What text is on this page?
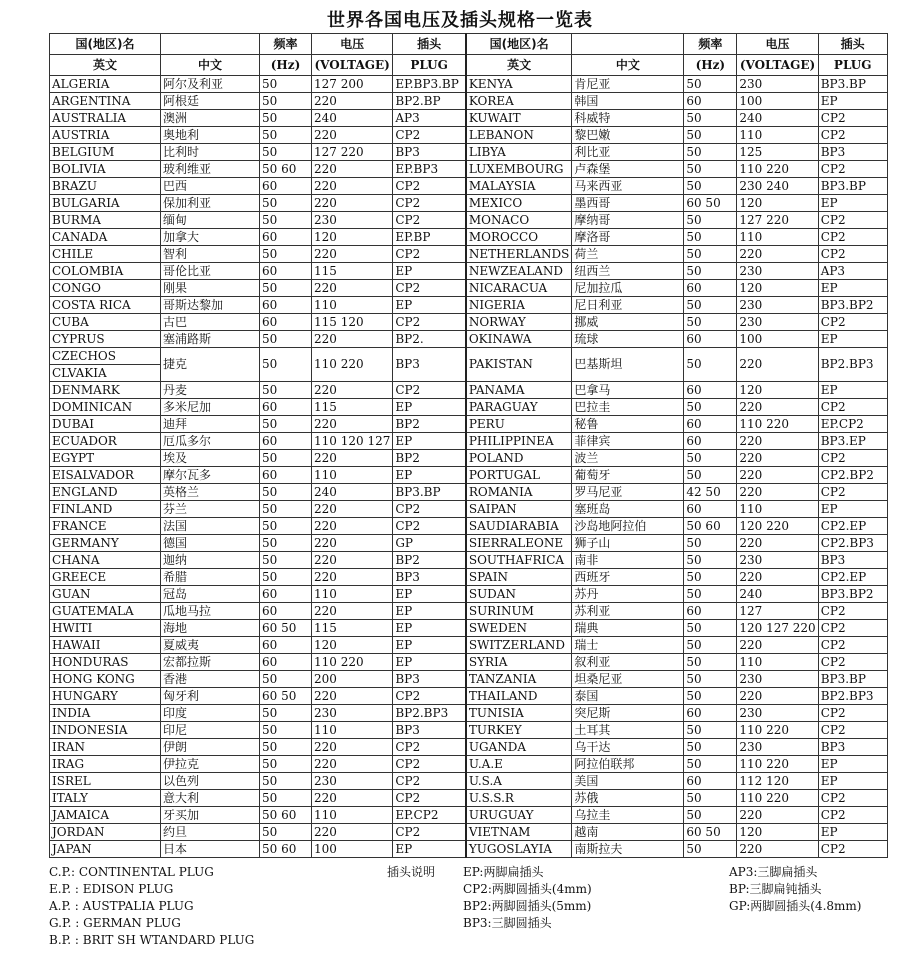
世界各国电压及插头规格一览表
国(地区)名		频率	电压	插头	国(地区)名		频率	电压	插头
英文	中文	(Hz)	(VOLTAGE)	PLUG	英文	中文	(Hz)	(VOLTAGE)	PLUG
ALGERIA	阿尔及利亚	50	127 200	EP.BP3.BP	KENYA	肯尼亚	50	230	BP3.BP
ARGENTINA	阿根廷	50	220	BP2.BP	KOREA	韩国	60	100	EP
AUSTRALIA	澳洲	50	240	AP3	KUWAIT	科威特	50	240	CP2
AUSTRIA	奥地利	50	220	CP2	LEBANON	黎巴嫩	50	110	CP2
BELGIUM	比利时	50	127 220	BP3	LIBYA	利比亚	50	125	BP3
BOLIVIA	玻利维亚	50 60	220	EP.BP3	LUXEMBOURG	卢森堡	50	110 220	CP2
BRAZU	巴西	60	220	CP2	MALAYSIA	马来西亚	50	230 240	BP3.BP
BULGARIA	保加利亚	50	220	CP2	MEXICO	墨西哥	60 50	120	EP
BURMA	缅甸	50	230	CP2	MONACO	摩纳哥	50	127 220	CP2
CANADA	加拿大	60	120	EP.BP	MOROCCO	摩洛哥	50	110	CP2
CHILE	智利	50	220	CP2	NETHERLANDS	荷兰	50	220	CP2
COLOMBIA	哥伦比亚	60	115	EP	NEWZEALAND	纽西兰	50	230	AP3
CONGO	刚果	50	220	CP2	NICARACUA	尼加拉瓜	60	120	EP
COSTA RICA	哥斯达黎加	60	110	EP	NIGERIA	尼日利亚	50	230	BP3.BP2
CUBA	古巴	60	115 120	CP2	NORWAY	挪威	50	230	CP2
CYPRUS	塞浦路斯	50	220	BP2.	OKINAWA	琉球	60	100	EP
CZECHOS	捷克	50	110 220	BP3	PAKISTAN	巴基斯坦	50	220	BP2.BP3
CLVAKIA									
DENMARK	丹麦	50	220	CP2	PANAMA	巴拿马	60	120	EP
DOMINICAN	多米尼加	60	115	EP	PARAGUAY	巴拉圭	50	220	CP2
DUBAI	迪拜	50	220	BP2	PERU	秘鲁	60	110 220	EP.CP2
ECUADOR	厄瓜多尔	60	110 120 127	EP	PHILIPPINEA	菲律宾	60	220	BP3.EP
EGYPT	埃及	50	220	BP2	POLAND	波兰	50	220	CP2
EISALVADOR	摩尔瓦多	60	110	EP	PORTUGAL	葡萄牙	50	220	CP2.BP2
ENGLAND	英格兰	50	240	BP3.BP	ROMANIA	罗马尼亚	42 50	220	CP2
FINLAND	芬兰	50	220	CP2	SAIPAN	塞班岛	60	110	EP
FRANCE	法国	50	220	CP2	SAUDIARABIA	沙岛地阿拉伯	50 60	120 220	CP2.EP
GERMANY	德国	50	220	GP	SIERRALEONE	狮子山	50	220	CP2.BP3
CHANA	迦纳	50	220	BP2	SOUTHAFRICA	南非	50	230	BP3
GREECE	希腊	50	220	BP3	SPAIN	西班牙	50	220	CP2.EP
GUAN	冠岛	60	110	EP	SUDAN	苏丹	50	240	BP3.BP2
GUATEMALA	瓜地马拉	60	220	EP	SURINUM	苏利亚	60	127	CP2
HWITI	海地	60 50	115	EP	SWEDEN	瑞典	50	120 127 220	CP2
HAWAII	夏威夷	60	120	EP	SWITZERLAND	瑞士	50	220	CP2
HONDURAS	宏都拉斯	60	110 220	EP	SYRIA	叙利亚	50	110	CP2
HONG KONG	香港	50	200	BP3	TANZANIA	坦桑尼亚	50	230	BP3.BP
HUNGARY	匈牙利	60 50	220	CP2	THAILAND	泰国	50	220	BP2.BP3
INDIA	印度	50	230	BP2.BP3	TUNISIA	突尼斯	60	230	CP2
INDONESIA	印尼	50	110	BP3	TURKEY	土耳其	50	110 220	CP2
IRAN	伊朗	50	220	CP2	UGANDA	乌干达	50	230	BP3
IRAG	伊拉克	50	220	CP2	U.A.E	阿拉伯联邦	50	110 220	EP
ISREL	以色列	50	230	CP2	U.S.A	美国	60	112 120	EP
ITALY	意大利	50	220	CP2	U.S.S.R	苏俄	50	110 220	CP2
JAMAICA	牙买加	50 60	110	EP.CP2	URUGUAY	乌拉圭	50	220	CP2
JORDAN	约旦	50	220	CP2	VIETNAM	越南	60 50	120	EP
JAPAN	日本	50 60	100	EP	YUGOSLAYIA	南斯拉夫	50	220	CP2
C.P.: CONTINENTAL PLUG
E.P. : EDISON PLUG
A.P. : AUSTPALIA PLUG
G.P. : GERMAN PLUG
B.P. : BRIT SH WTANDARD PLUG
插头说明 EP:两脚扁插头
CP2:两脚圆插头(4mm)
BP2:两脚圆插头(5mm)
BP3:三脚圆插头
AP3:三脚扁插头
BP:三脚扁钝插头
GP:两脚圆插头(4.8mm)
